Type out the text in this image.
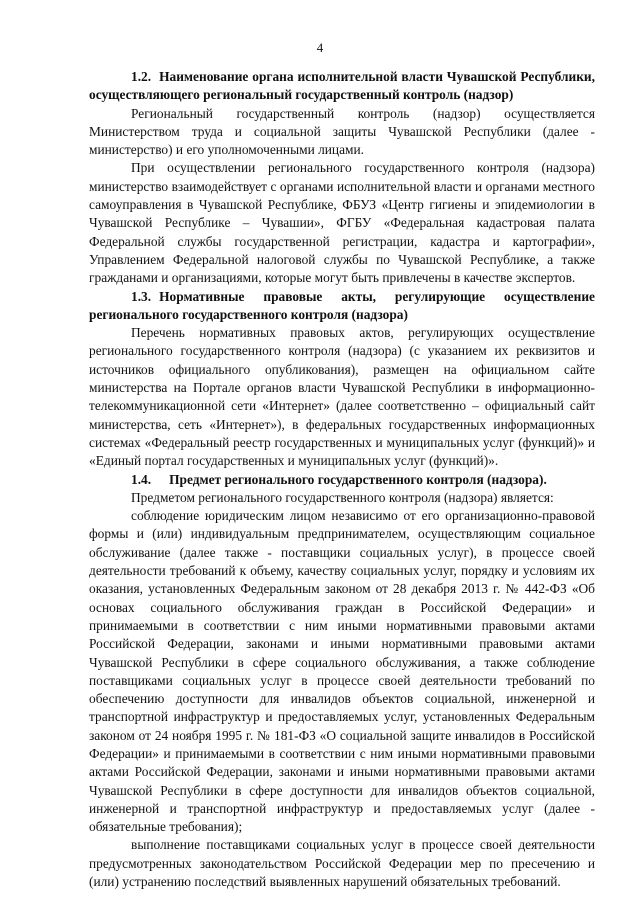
4

1.2. Наименование органа исполнительной власти Чувашской Республики, осуществляющего региональный государственный контроль (надзор)

Региональный государственный контроль (надзор) осуществляется Министерством труда и социальной защиты Чувашской Республики (далее - министерство) и его уполномоченными лицами.

При осуществлении регионального государственного контроля (надзора) министерство взаимодействует с органами исполнительной власти и органами местного самоуправления в Чувашской Республике, ФБУЗ «Центр гигиены и эпидемиологии в Чувашской Республике – Чувашии», ФГБУ «Федеральная кадастровая палата Федеральной службы государственной регистрации, кадастра и картографии», Управлением Федеральной налоговой службы по Чувашской Республике, а также гражданами и организациями, которые могут быть привлечены в качестве экспертов.

1.3. Нормативные правовые акты, регулирующие осуществление регионального государственного контроля (надзора)

Перечень нормативных правовых актов, регулирующих осуществление регионального государственного контроля (надзора) (с указанием их реквизитов и источников официального опубликования), размещен на официальном сайте министерства на Портале органов власти Чувашской Республики в информационно-телекоммуникационной сети «Интернет» (далее соответственно – официальный сайт министерства, сеть «Интернет»), в федеральных государственных информационных системах «Федеральный реестр государственных и муниципальных услуг (функций)» и «Единый портал государственных и муниципальных услуг (функций)».

1.4. Предмет регионального государственного контроля (надзора).

Предметом регионального государственного контроля (надзора) является:

соблюдение юридическим лицом независимо от его организационно-правовой формы и (или) индивидуальным предпринимателем, осуществляющим социальное обслуживание (далее также - поставщики социальных услуг), в процессе своей деятельности требований к объему, качеству социальных услуг, порядку и условиям их оказания, установленных Федеральным законом от 28 декабря 2013 г. № 442-ФЗ «Об основах социального обслуживания граждан в Российской Федерации» и принимаемыми в соответствии с ним иными нормативными правовыми актами Российской Федерации, законами и иными нормативными правовыми актами Чувашской Республики в сфере социального обслуживания, а также соблюдение поставщиками социальных услуг в процессе своей деятельности требований по обеспечению доступности для инвалидов объектов социальной, инженерной и транспортной инфраструктур и предоставляемых услуг, установленных Федеральным законом от 24 ноября 1995 г. № 181-ФЗ «О социальной защите инвалидов в Российской Федерации» и принимаемыми в соответствии с ним иными нормативными правовыми актами Российской Федерации, законами и иными нормативными правовыми актами Чувашской Республики в сфере доступности для инвалидов объектов социальной, инженерной и транспортной инфраструктур и предоставляемых услуг (далее - обязательные требования);

выполнение поставщиками социальных услуг в процессе своей деятельности предусмотренных законодательством Российской Федерации мер по пресечению и (или) устранению последствий выявленных нарушений обязательных требований.
